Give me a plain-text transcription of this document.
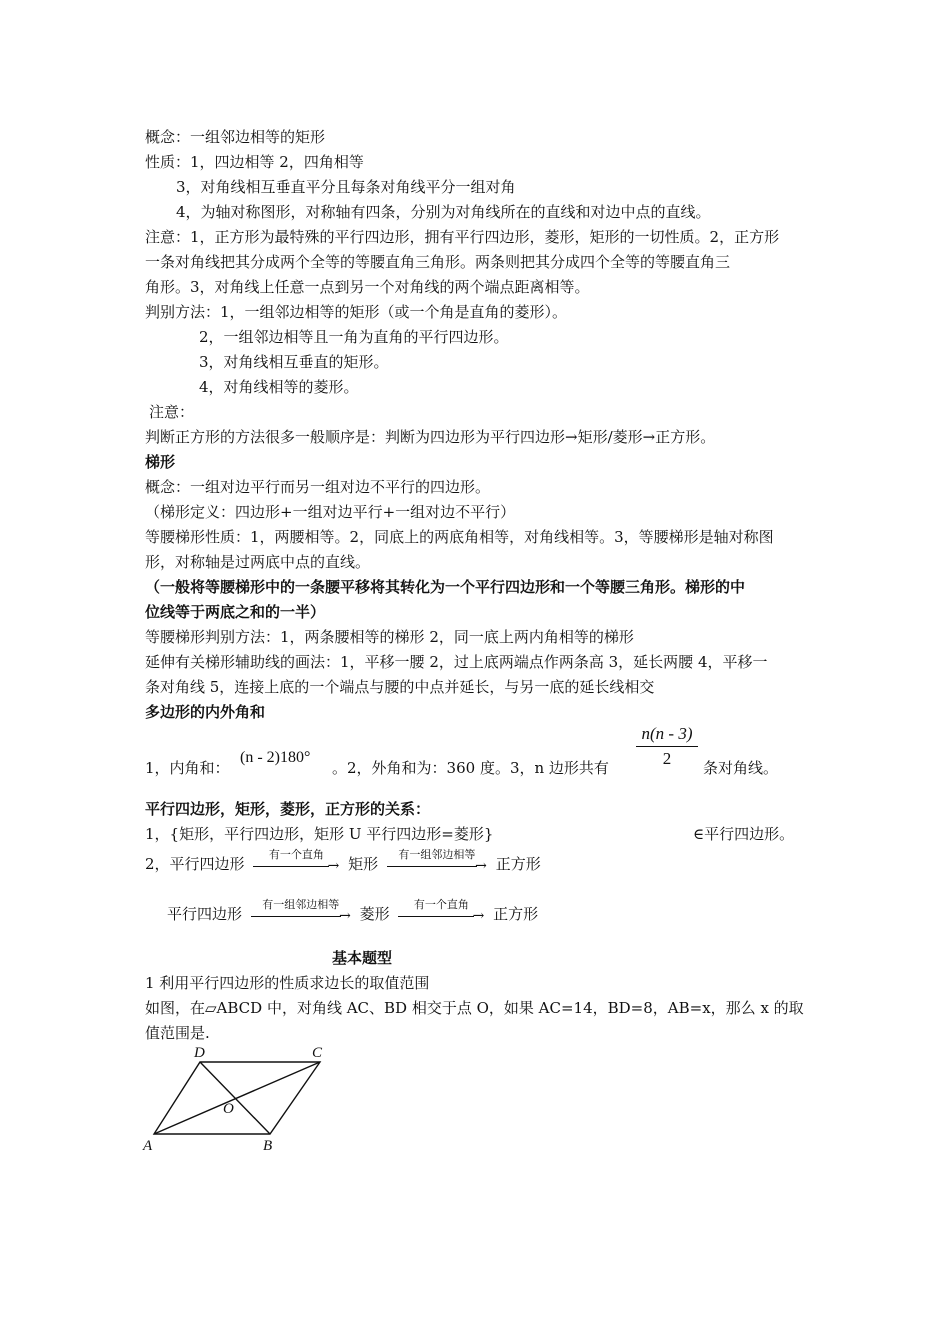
概念：一组邻边相等的矩形
性质：1，四边相等 2，四角相等
3，对角线相互垂直平分且每条对角线平分一组对角
4，为轴对称图形，对称轴有四条，分别为对角线所在的直线和对边中点的直线。
注意：1，正方形为最特殊的平行四边形，拥有平行四边形，菱形，矩形的一切性质。2，正方形
一条对角线把其分成两个全等的等腰直角三角形。两条则把其分成四个全等的等腰直角三
角形。3，对角线上任意一点到另一个对角线的两个端点距离相等。
判别方法：1，一组邻边相等的矩形（或一个角是直角的菱形）。
2，一组邻边相等且一角为直角的平行四边形。
3，对角线相互垂直的矩形。
4，对角线相等的菱形。
注意：
判断正方形的方法很多一般顺序是：判断为四边形为平行四边形→矩形/菱形→正方形。
梯形
概念：一组对边平行而另一组对边不平行的四边形。
（梯形定义：四边形+一组对边平行+一组对边不平行）
等腰梯形性质：1，两腰相等。2，同底上的两底角相等，对角线相等。3，等腰梯形是轴对称图
形，对称轴是过两底中点的直线。
（一般将等腰梯形中的一条腰平移将其转化为一个平行四边形和一个等腰三角形。梯形的中
位线等于两底之和的一半）
等腰梯形判别方法：1，两条腰相等的梯形 2，同一底上两内角相等的梯形
延伸有关梯形辅助线的画法：1，平移一腰 2，过上底两端点作两条高 3，延长两腰 4，平移一
条对角线 5，连接上底的一个端点与腰的中点并延长，与另一底的延长线相交
多边形的内外角和
1，内角和：
(n - 2)180°
。2，外角和为：360 度。3，n 边形共有
n(n - 3)
2	条对角线。
平行四边形，矩形，菱形，正方形的关系：
1，{矩形，平行四边形，矩形 U 平行四边形=菱形}	∈平行四边形。
2，平行四边形
有一个直角
→ 矩形
有一组邻边相等
→ 正方形
平行四边形
有一组邻边相等
→ 菱形
有一个直角
→ 正方形
基本题型
1 利用平行四边形的性质求边长的取值范围
如图，在▱ABCD 中，对角线 AC、BD 相交于点 O，如果 AC=14，BD=8，AB=x，那么 x 的取
值范围是.
A	B
C
D
O
